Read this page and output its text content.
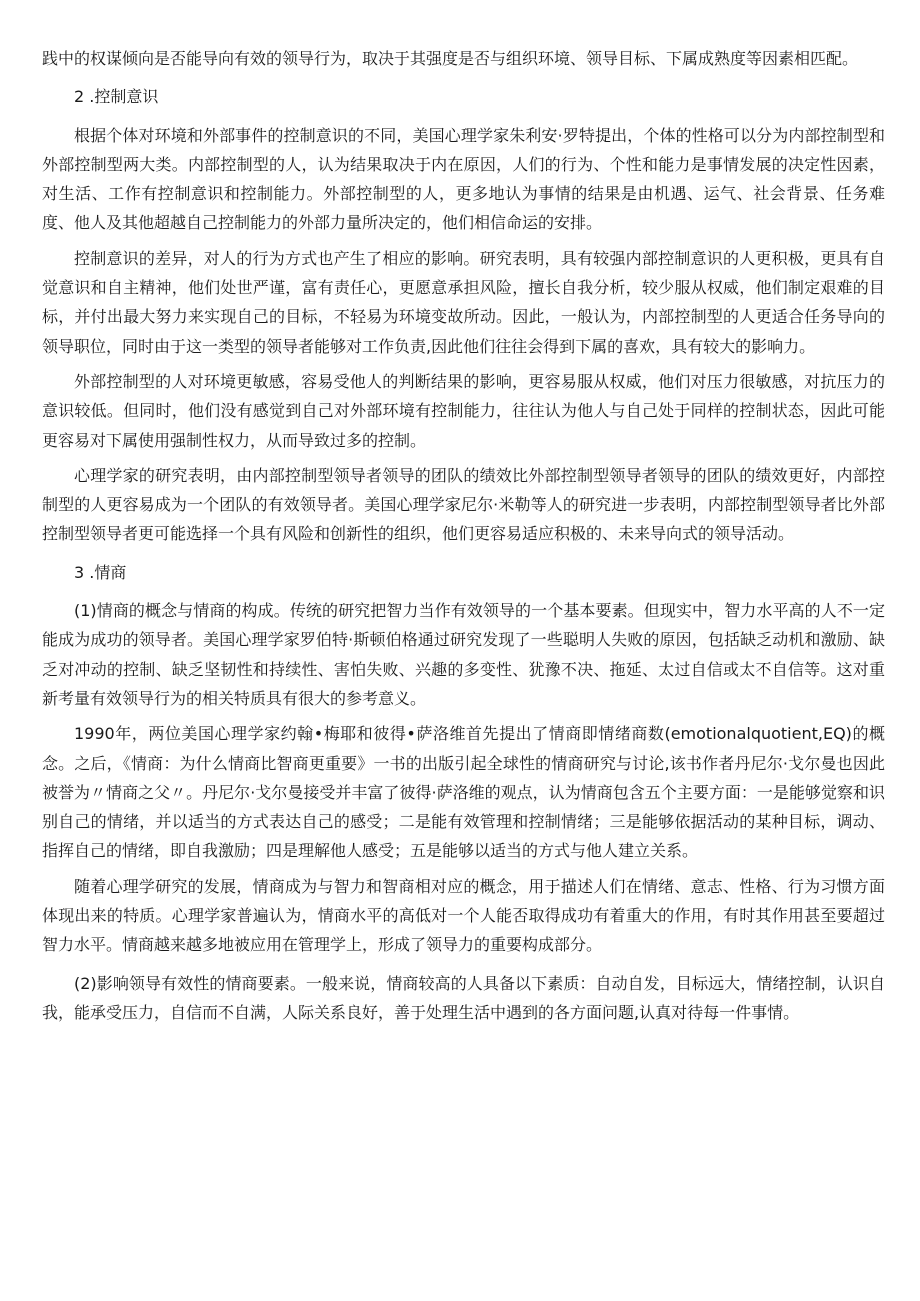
践中的权谋倾向是否能导向有效的领导行为，取决于其强度是否与组织环境、领导目标、下属成熟度等因素相匹配。

2 .控制意识

根据个体对环境和外部事件的控制意识的不同，美国心理学家朱利安·罗特提出，个体的性格可以分为内部控制型和外部控制型两大类。内部控制型的人，认为结果取决于内在原因，人们的行为、个性和能力是事情发展的决定性因素，对生活、工作有控制意识和控制能力。外部控制型的人，更多地认为事情的结果是由机遇、运气、社会背景、任务难度、他人及其他超越自己控制能力的外部力量所决定的，他们相信命运的安排。

控制意识的差异，对人的行为方式也产生了相应的影响。研究表明，具有较强内部控制意识的人更积极，更具有自觉意识和自主精神，他们处世严谨，富有责任心，更愿意承担风险，擅长自我分析，较少服从权威，他们制定艰难的目标，并付出最大努力来实现自己的目标，不轻易为环境变故所动。因此，一般认为，内部控制型的人更适合任务导向的领导职位，同时由于这一类型的领导者能够对工作负责,因此他们往往会得到下属的喜欢，具有较大的影响力。

外部控制型的人对环境更敏感，容易受他人的判断结果的影响，更容易服从权威，他们对压力很敏感，对抗压力的意识较低。但同时，他们没有感觉到自己对外部环境有控制能力，往往认为他人与自己处于同样的控制状态，因此可能更容易对下属使用强制性权力，从而导致过多的控制。

心理学家的研究表明，由内部控制型领导者领导的团队的绩效比外部控制型领导者领导的团队的绩效更好，内部控制型的人更容易成为一个团队的有效领导者。美国心理学家尼尔·米勒等人的研究进一步表明，内部控制型领导者比外部控制型领导者更可能选择一个具有风险和创新性的组织，他们更容易适应积极的、未来导向式的领导活动。

3 .情商

(1)情商的概念与情商的构成。传统的研究把智力当作有效领导的一个基本要素。但现实中，智力水平高的人不一定能成为成功的领导者。美国心理学家罗伯特·斯顿伯格通过研究发现了一些聪明人失败的原因，包括缺乏动机和激励、缺乏对冲动的控制、缺乏坚韧性和持续性、害怕失败、兴趣的多变性、犹豫不决、拖延、太过自信或太不自信等。这对重新考量有效领导行为的相关特质具有很大的参考意义。

1990年，两位美国心理学家约翰•梅耶和彼得•萨洛维首先提出了情商即情绪商数(emotionalquotient,EQ)的概念。之后，《情商：为什么情商比智商更重要》一书的出版引起全球性的情商研究与讨论,该书作者丹尼尔·戈尔曼也因此被誉为〃情商之父〃。丹尼尔·戈尔曼接受并丰富了彼得·萨洛维的观点，认为情商包含五个主要方面：一是能够觉察和识别自己的情绪，并以适当的方式表达自己的感受；二是能有效管理和控制情绪；三是能够依据活动的某种目标，调动、指挥自己的情绪，即自我激励；四是理解他人感受；五是能够以适当的方式与他人建立关系。

随着心理学研究的发展，情商成为与智力和智商相对应的概念，用于描述人们在情绪、意志、性格、行为习惯方面体现出来的特质。心理学家普遍认为，情商水平的高低对一个人能否取得成功有着重大的作用，有时其作用甚至要超过智力水平。情商越来越多地被应用在管理学上，形成了领导力的重要构成部分。

(2)影响领导有效性的情商要素。一般来说，情商较高的人具备以下素质：自动自发，目标远大，情绪控制，认识自我，能承受压力，自信而不自满，人际关系良好，善于处理生活中遇到的各方面问题,认真对待每一件事情。
